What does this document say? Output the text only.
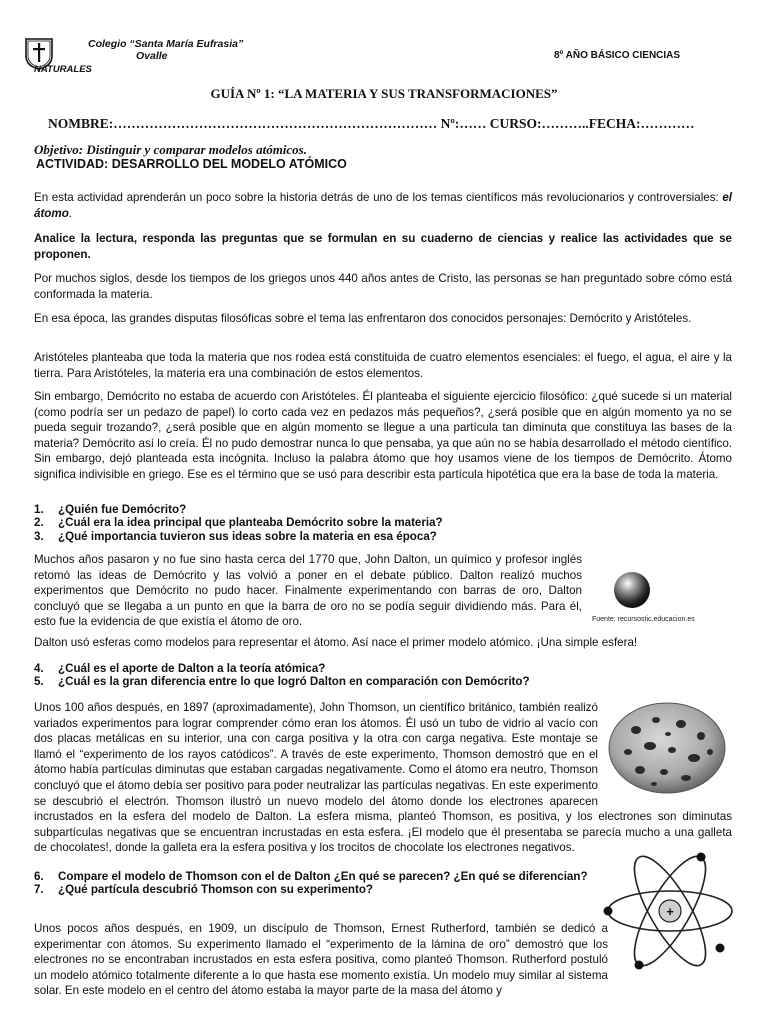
Colegio “Santa María Eufrasia”
Ovalle
NATURALES
8º AÑO BÁSICO CIENCIAS
GUÍA Nº 1: “LA MATERIA Y SUS TRANSFORMACIONES”
NOMBRE:……………………………………………………………… Nº:…… CURSO:………..FECHA:…………
Objetivo: Distinguir y comparar modelos atómicos.
ACTIVIDAD: DESARROLLO DEL MODELO ATÓMICO
En esta actividad aprenderán un poco sobre la historia detrás de uno de los temas científicos más revolucionarios y controversiales: el átomo.
Analice la lectura, responda las preguntas que se formulan en su cuaderno de ciencias y realice las actividades que se proponen.
Por muchos siglos, desde los tiempos de los griegos unos 440 años antes de Cristo, las personas se han preguntado sobre cómo está conformada la materia.
En esa época, las grandes disputas filosóficas sobre el tema las enfrentaron dos conocidos personajes: Demócrito y Aristóteles.
Aristóteles planteaba que toda la materia que nos rodea está constituida de cuatro elementos esenciales: el fuego, el agua, el aire y la tierra. Para Aristóteles, la materia era una combinación de estos elementos.
Sin embargo, Demócrito no estaba de acuerdo con Aristóteles. Él planteaba el siguiente ejercicio filosófico: ¿qué sucede si un material (como podría ser un pedazo de papel) lo corto cada vez en pedazos más pequeños?, ¿será posible que en algún momento ya no se pueda seguir trozando?, ¿será posible que en algún momento se llegue a una partícula tan diminuta que constituya las bases de la materia? Demócrito así lo creía. Él no pudo demostrar nunca lo que pensaba, ya que aún no se había desarrollado el método científico. Sin embargo, dejó planteada esta incógnita. Incluso la palabra átomo que hoy usamos viene de los tiempos de Demócrito. Átomo significa indivisible en griego. Ese es el término que se usó para describir esta partícula hipotética que era la base de toda la materia.
1. ¿Quién fue Demócrito?
2. ¿Cuál era la idea principal que planteaba Demócrito sobre la materia?
3. ¿Qué importancia tuvieron sus ideas sobre la materia en esa época?
Muchos años pasaron y no fue sino hasta cerca del 1770 que, John Dalton, un químico y profesor inglés retomó las ideas de Demócrito y las volvió a poner en el debate público. Dalton realizó muchos experimentos que Demócrito no pudo hacer. Finalmente experimentando con barras de oro, Dalton concluyó que se llegaba a un punto en que la barra de oro no se podía seguir dividiendo más. Para él, esto fue la evidencia de que existía el átomo de oro.	Fuente: recursostic.educacion.es
Dalton usó esferas como modelos para representar el átomo. Así nace el primer modelo atómico. ¡Una simple esfera!
4. ¿Cuál es el aporte de Dalton a la teoría atómica?
5. ¿Cuál es la gran diferencia entre lo que logró Dalton en comparación con Demócrito?
Unos 100 años después, en 1897 (aproximadamente), John Thomson, un científico británico, también realizó variados experimentos para lograr comprender cómo eran los átomos. Él usó un tubo de vidrio al vacío con dos placas metálicas en su interior, una con carga positiva y la otra con carga negativa. Este montaje se llamó el “experimento de los rayos catódicos”. A través de este experimento, Thomson demostró que en el átomo había partículas diminutas que estaban cargadas negativamente. Como el átomo era neutro, Thomson concluyó que el átomo debía ser positivo para poder neutralizar las partículas negativas. En este experimento se descubrió el electrón. Thomson ilustró un nuevo modelo del átomo donde los electrones aparecen incrustados en la esfera del modelo de Dalton. La esfera misma, planteó Thomson, es positiva, y los electrones son diminutas subpartículas negativas que se encuentran incrustadas en esta esfera. ¡El modelo que él presentaba se parecía mucho a una galleta de chocolates!, donde la galleta era la esfera positiva y los trocitos de chocolate los electrones negativos.
+
6.	Compare el modelo de Thomson con el de Dalton ¿En qué se parecen? ¿En qué se diferencian?
7.	¿Qué partícula descubrió Thomson con su experimento?
Unos pocos años después, en 1909, un discípulo de Thomson, Ernest Rutherford, también se dedicó a experimentar con átomos. Su experimento llamado el “experimento de la lámina de oro” demostró que los electrones no se encontraban incrustados en esta esfera positiva, como planteó Thomson. Rutherford postuló un modelo atómico totalmente diferente a lo que hasta ese momento existía. Un modelo muy similar al sistema solar. En este modelo en el centro del átomo estaba la mayor parte de la masa del átomo y
